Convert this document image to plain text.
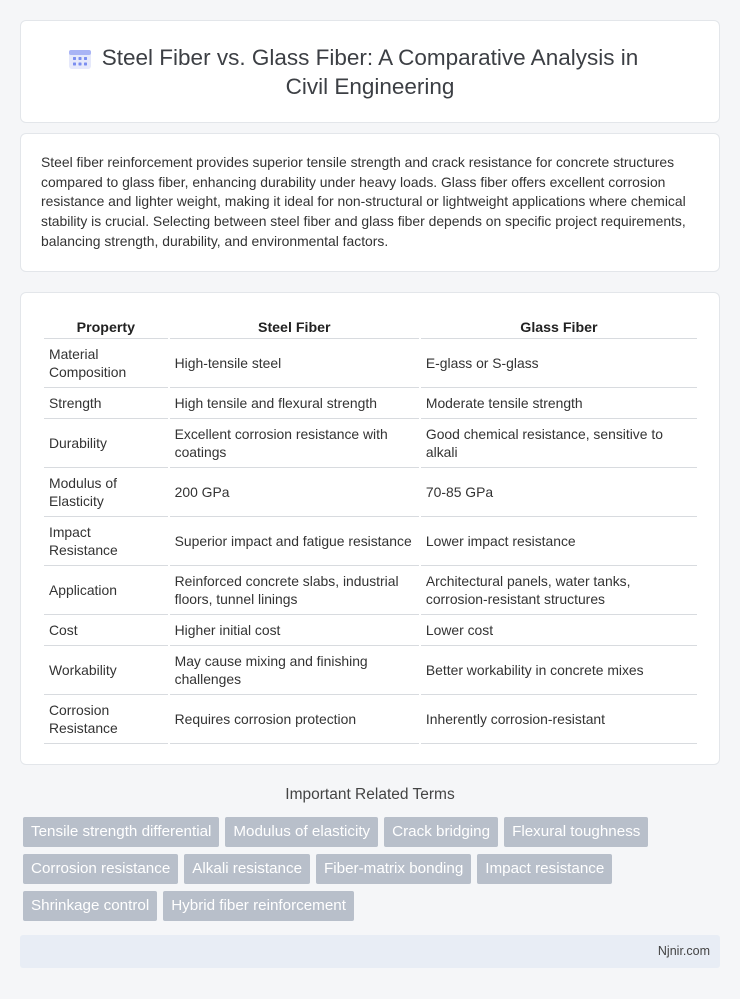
Steel Fiber vs. Glass Fiber: A Comparative Analysis in
Civil Engineering

Steel fiber reinforcement provides superior tensile strength and crack resistance for concrete structures compared to glass fiber, enhancing durability under heavy loads. Glass fiber offers excellent corrosion resistance and lighter weight, making it ideal for non-structural or lightweight applications where chemical stability is crucial. Selecting between steel fiber and glass fiber depends on specific project requirements, balancing strength, durability, and environmental factors.

Property	Steel Fiber	Glass Fiber
Material Composition	High-tensile steel	E-glass or S-glass
Strength	High tensile and flexural strength	Moderate tensile strength
Durability	Excellent corrosion resistance with coatings	Good chemical resistance, sensitive to alkali
Modulus of Elasticity	200 GPa	70-85 GPa
Impact Resistance	Superior impact and fatigue resistance	Lower impact resistance
Application	Reinforced concrete slabs, industrial floors, tunnel linings	Architectural panels, water tanks, corrosion-resistant structures
Cost	Higher initial cost	Lower cost
Workability	May cause mixing and finishing challenges	Better workability in concrete mixes
Corrosion Resistance	Requires corrosion protection	Inherently corrosion-resistant
Important Related Terms
Tensile strength differential	Modulus of elasticity	Crack bridging	Flexural toughness
Corrosion resistance	Alkali resistance	Fiber-matrix bonding	Impact resistance
Shrinkage control	Hybrid fiber reinforcement
Njnir.com
